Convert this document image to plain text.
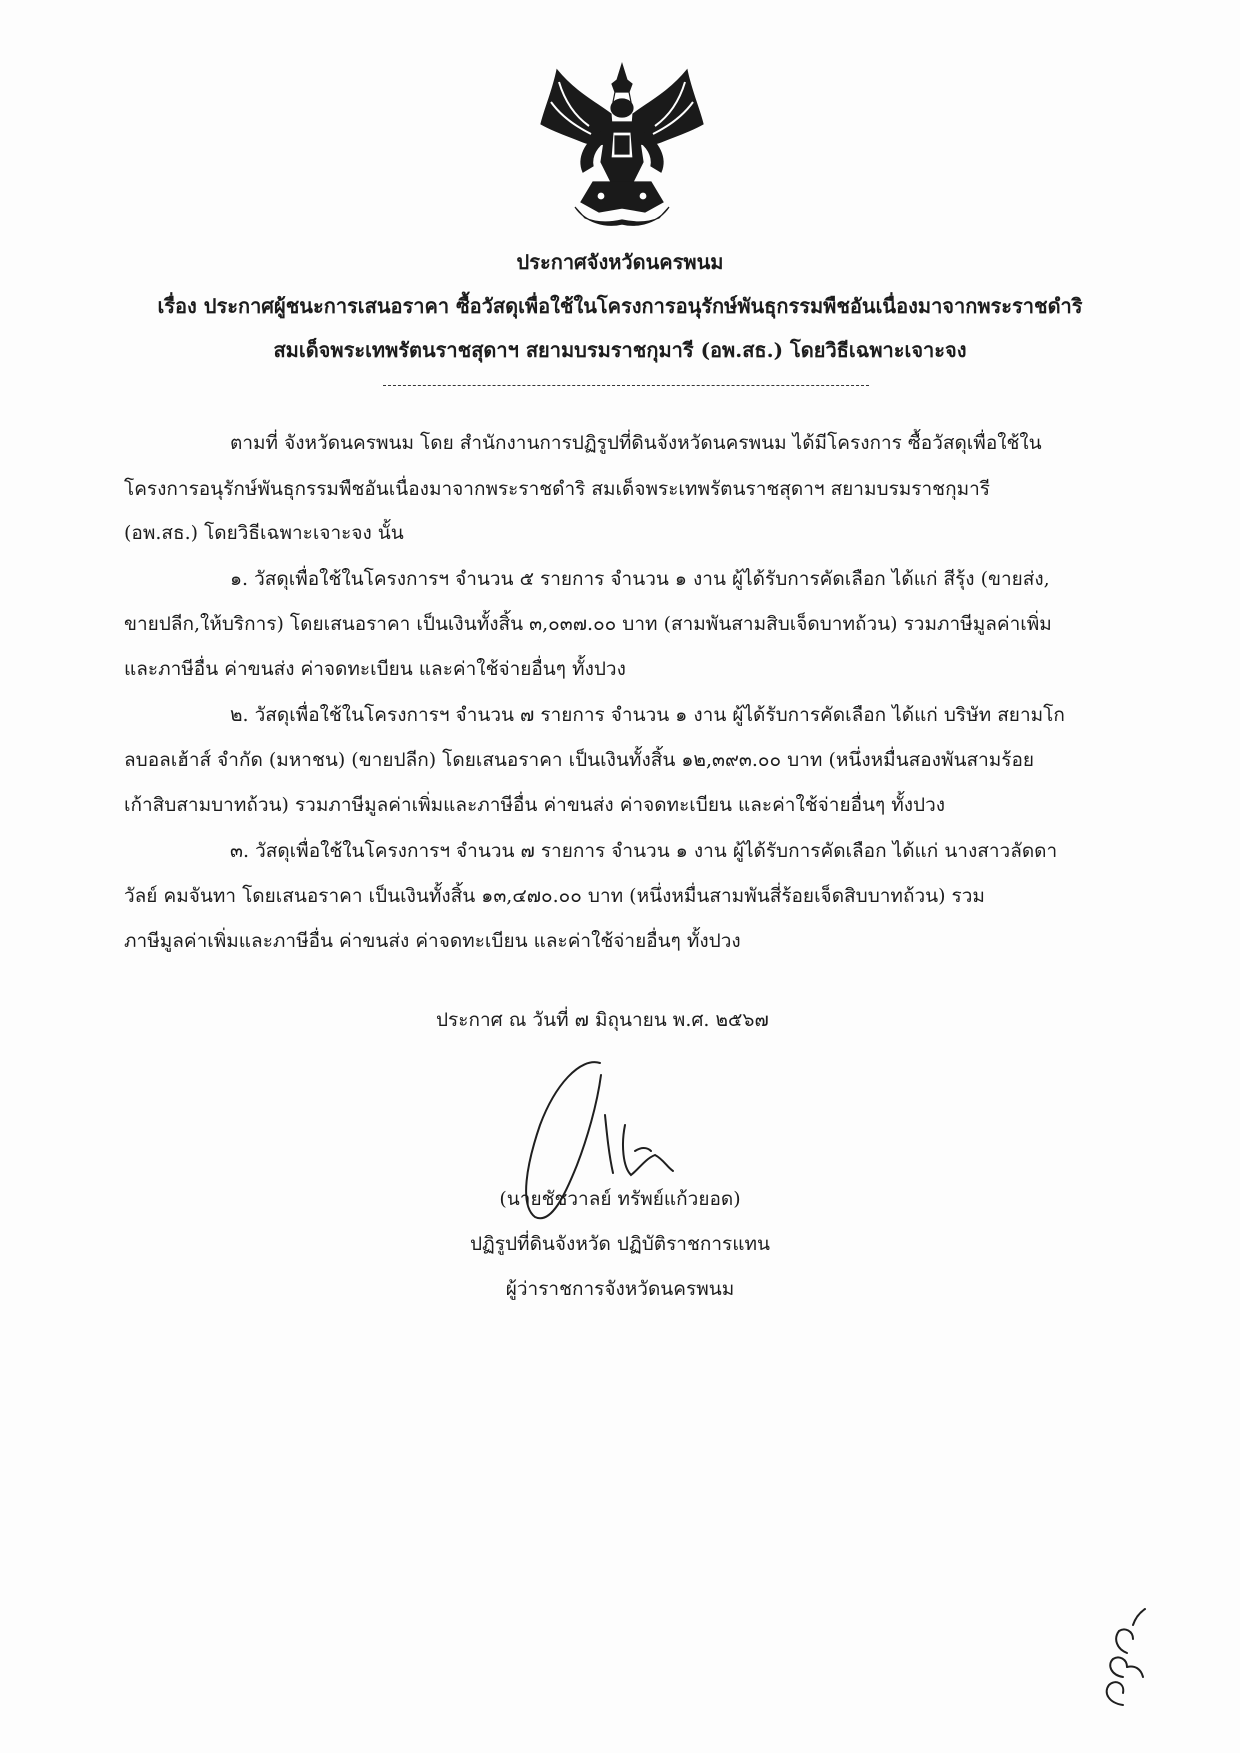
ประกาศจังหวัดนครพนม
เรื่อง ประกาศผู้ชนะการเสนอราคา ซื้อวัสดุเพื่อใช้ในโครงการอนุรักษ์พันธุกรรมพืชอันเนื่องมาจากพระราชดำริ
สมเด็จพระเทพรัตนราชสุดาฯ สยามบรมราชกุมารี (อพ.สธ.) โดยวิธีเฉพาะเจาะจง
ตามที่ จังหวัดนครพนม โดย สำนักงานการปฏิรูปที่ดินจังหวัดนครพนม ได้มีโครงการ ซื้อวัสดุเพื่อใช้ใน
โครงการอนุรักษ์พันธุกรรมพืชอันเนื่องมาจากพระราชดำริ สมเด็จพระเทพรัตนราชสุดาฯ สยามบรมราชกุมารี
(อพ.สธ.) โดยวิธีเฉพาะเจาะจง นั้น
๑. วัสดุเพื่อใช้ในโครงการฯ จำนวน ๕ รายการ จำนวน ๑ งาน ผู้ได้รับการคัดเลือก ได้แก่ สีรุ้ง (ขายส่ง,
ขายปลีก,ให้บริการ) โดยเสนอราคา เป็นเงินทั้งสิ้น ๓,๐๓๗.๐๐ บาท (สามพันสามสิบเจ็ดบาทถ้วน) รวมภาษีมูลค่าเพิ่ม
และภาษีอื่น ค่าขนส่ง ค่าจดทะเบียน และค่าใช้จ่ายอื่นๆ ทั้งปวง
๒. วัสดุเพื่อใช้ในโครงการฯ จำนวน ๗ รายการ จำนวน ๑ งาน ผู้ได้รับการคัดเลือก ได้แก่ บริษัท สยามโก
ลบอลเฮ้าส์ จำกัด (มหาชน) (ขายปลีก) โดยเสนอราคา เป็นเงินทั้งสิ้น ๑๒,๓๙๓.๐๐ บาท (หนึ่งหมื่นสองพันสามร้อย
เก้าสิบสามบาทถ้วน) รวมภาษีมูลค่าเพิ่มและภาษีอื่น ค่าขนส่ง ค่าจดทะเบียน และค่าใช้จ่ายอื่นๆ ทั้งปวง
๓. วัสดุเพื่อใช้ในโครงการฯ จำนวน ๗ รายการ จำนวน ๑ งาน ผู้ได้รับการคัดเลือก ได้แก่ นางสาวลัดดา
วัลย์ คมจันทา โดยเสนอราคา เป็นเงินทั้งสิ้น ๑๓,๔๗๐.๐๐ บาท (หนึ่งหมื่นสามพันสี่ร้อยเจ็ดสิบบาทถ้วน) รวม
ภาษีมูลค่าเพิ่มและภาษีอื่น ค่าขนส่ง ค่าจดทะเบียน และค่าใช้จ่ายอื่นๆ ทั้งปวง
ประกาศ ณ วันที่ ๗ มิถุนายน พ.ศ. ๒๕๖๗
(นายชัชวาลย์ ทรัพย์แก้วยอด)
ปฏิรูปที่ดินจังหวัด ปฏิบัติราชการแทน
ผู้ว่าราชการจังหวัดนครพนม
